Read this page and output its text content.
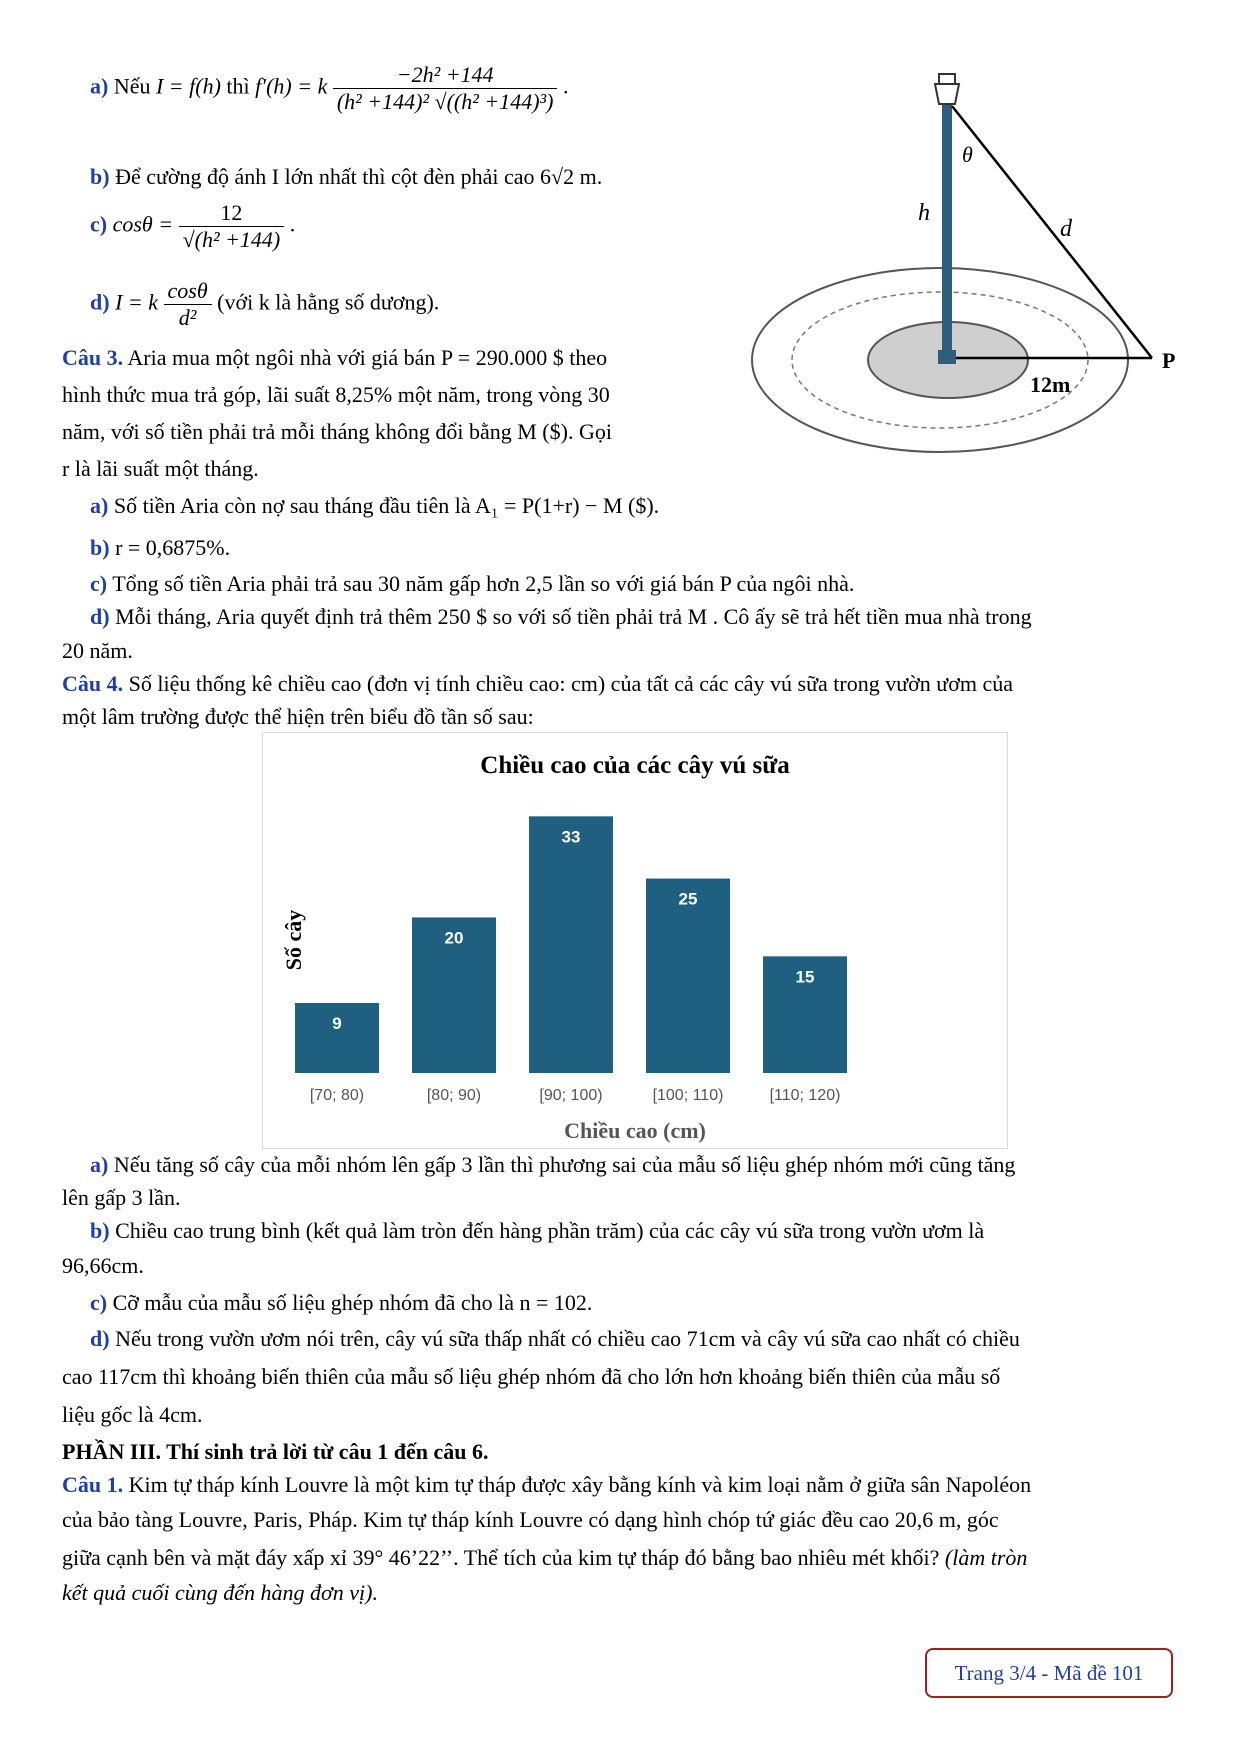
a) Nếu I = f(h) thì f′(h) = k $\frac{\text{−2h² +144}}{\text{(h² +144)² √((h² +144)³)}}$ .
b) Để cường độ ánh I lớn nhất thì cột đèn phải cao 6√2 m.
c) $\cos\theta = \frac{12}{\text{√(h² +144)}}$ .
d) I = k $\frac{\cos\theta}{\text{d²}}$ (với k là hằng số dương).
θ
h
d
P
12m
Câu 3. Aria mua một ngôi nhà với giá bán P = 290.000 $ theo
hình thức mua trả góp, lãi suất 8,25% một năm, trong vòng 30
năm, với số tiền phải trả mỗi tháng không đổi bằng M ($). Gọi
r là lãi suất một tháng.
a) Số tiền Aria còn nợ sau tháng đầu tiên là A₁ = P(1+r) − M ($).
b) r = 0,6875%.
c) Tổng số tiền Aria phải trả sau 30 năm gấp hơn 2,5 lần so với giá bán P của ngôi nhà.
d) Mỗi tháng, Aria quyết định trả thêm 250 $ so với số tiền phải trả M . Cô ấy sẽ trả hết tiền mua nhà trong
20 năm.
Câu 4. Số liệu thống kê chiều cao (đơn vị tính chiều cao: cm) của tất cả các cây vú sữa trong vườn ươm của
một lâm trường được thể hiện trên biểu đồ tần số sau:
Chiều cao của các cây vú sữa
Số cây
Chiều cao (cm)
9
[70; 80)
20
[80; 90)
33
[90; 100)
25
[100; 110)
15
[110; 120)
a) Nếu tăng số cây của mỗi nhóm lên gấp 3 lần thì phương sai của mẫu số liệu ghép nhóm mới cũng tăng
lên gấp 3 lần.
b) Chiều cao trung bình (kết quả làm tròn đến hàng phần trăm) của các cây vú sữa trong vườn ươm là
96,66cm.
c) Cỡ mẫu của mẫu số liệu ghép nhóm đã cho là n = 102.
d) Nếu trong vườn ươm nói trên, cây vú sữa thấp nhất có chiều cao 71cm và cây vú sữa cao nhất có chiều
cao 117cm thì khoảng biến thiên của mẫu số liệu ghép nhóm đã cho lớn hơn khoảng biến thiên của mẫu số
liệu gốc là 4cm.
PHẦN III. Thí sinh trả lời từ câu 1 đến câu 6.
Câu 1. Kim tự tháp kính Louvre là một kim tự tháp được xây bằng kính và kim loại nằm ở giữa sân Napoléon
của bảo tàng Louvre, Paris, Pháp. Kim tự tháp kính Louvre có dạng hình chóp tứ giác đều cao 20,6 m, góc
giữa cạnh bên và mặt đáy xấp xỉ 39° 46’22’’. Thể tích của kim tự tháp đó bằng bao nhiêu mét khối? (làm tròn
kết quả cuối cùng đến hàng đơn vị).
Trang 3/4 - Mã đề 101
